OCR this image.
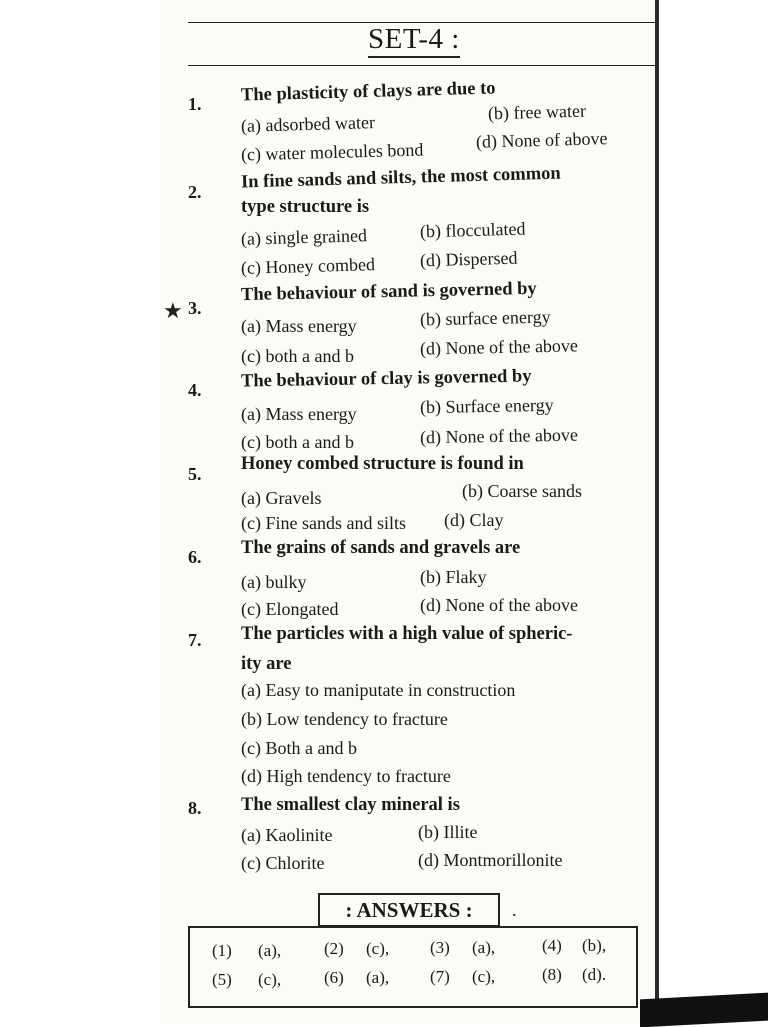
SET-4 :
★
1. The plasticity of clays are due to
(a) adsorbed water
(b) free water
(c) water molecules bond	(d) None of above
2. In fine sands and silts, the most common
type structure is
(a) single grained	(b) flocculated
(c) Honey combed (d) Dispersed
3.
The behaviour of sand is governed by
(a) Mass energy	(b) surface energy
(c) both a and b	(d) None of the above
4. The behaviour of clay is governed by
(a) Mass energy	(b) Surface energy
(c) both a and b	(d) None of the above
5. Honey combed structure is found in
(a) Gravels	(b) Coarse sands
(c) Fine sands and silts (d) Clay
6. The grains of sands and gravels are
(a) bulky	(b) Flaky
(c) Elongated	(d) None of the above
7. The particles with a high value of spheric-
ity are
(a) Easy to maniputate in construction
(b) Low tendency to fracture
(c) Both a and b
(d) High tendency to fracture
8. The smallest clay mineral is
(a) Kaolinite	(b) Illite
(c) Chlorite	(d) Montmorillonite
: ANSWERS :	.
(1) (a),	(2) (c), (3) (a),	(4) (b),
(5) (c),	(6) (a), (7) (c),	(8) (d).
